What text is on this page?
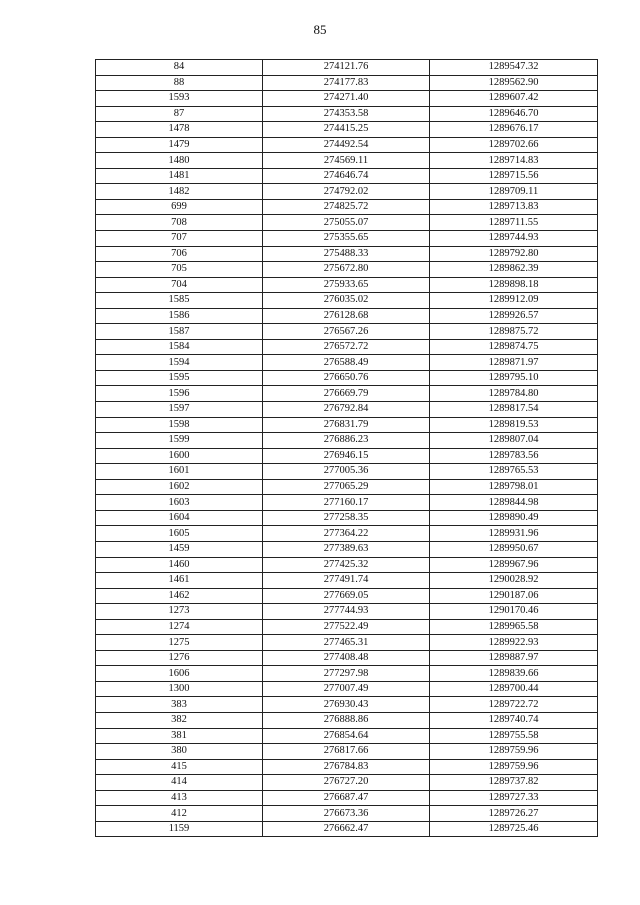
85
84	274121.76	1289547.32
88	274177.83	1289562.90
1593	274271.40	1289607.42
87	274353.58	1289646.70
1478	274415.25	1289676.17
1479	274492.54	1289702.66
1480	274569.11	1289714.83
1481	274646.74	1289715.56
1482	274792.02	1289709.11
699	274825.72	1289713.83
708	275055.07	1289711.55
707	275355.65	1289744.93
706	275488.33	1289792.80
705	275672.80	1289862.39
704	275933.65	1289898.18
1585	276035.02	1289912.09
1586	276128.68	1289926.57
1587	276567.26	1289875.72
1584	276572.72	1289874.75
1594	276588.49	1289871.97
1595	276650.76	1289795.10
1596	276669.79	1289784.80
1597	276792.84	1289817.54
1598	276831.79	1289819.53
1599	276886.23	1289807.04
1600	276946.15	1289783.56
1601	277005.36	1289765.53
1602	277065.29	1289798.01
1603	277160.17	1289844.98
1604	277258.35	1289890.49
1605	277364.22	1289931.96
1459	277389.63	1289950.67
1460	277425.32	1289967.96
1461	277491.74	1290028.92
1462	277669.05	1290187.06
1273	277744.93	1290170.46
1274	277522.49	1289965.58
1275	277465.31	1289922.93
1276	277408.48	1289887.97
1606	277297.98	1289839.66
1300	277007.49	1289700.44
383	276930.43	1289722.72
382	276888.86	1289740.74
381	276854.64	1289755.58
380	276817.66	1289759.96
415	276784.83	1289759.96
414	276727.20	1289737.82
413	276687.47	1289727.33
412	276673.36	1289726.27
1159	276662.47	1289725.46
